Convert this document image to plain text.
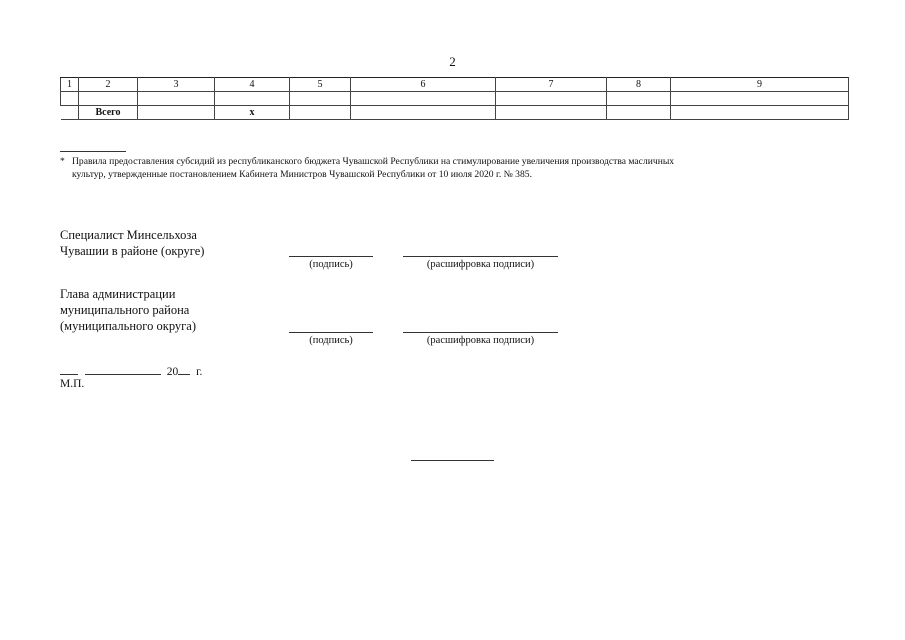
2
1	2	3	4	5	6	7	8	9

	Всего		х					
* Правила предоставления субсидий из республиканского бюджета Чувашской Республики на стимулирование увеличения производства масличных
культур, утвержденные постановлением Кабинета Министров Чувашской Республики от 10 июля 2020 г. № 385.
Специалист Минсельхоза
Чувашии в районе (округе)
(подпись)	(расшифровка подписи)
Глава администрации
муниципального района
(муниципального округа)
(подпись)	(расшифровка подписи)
20 г.
М.П.
